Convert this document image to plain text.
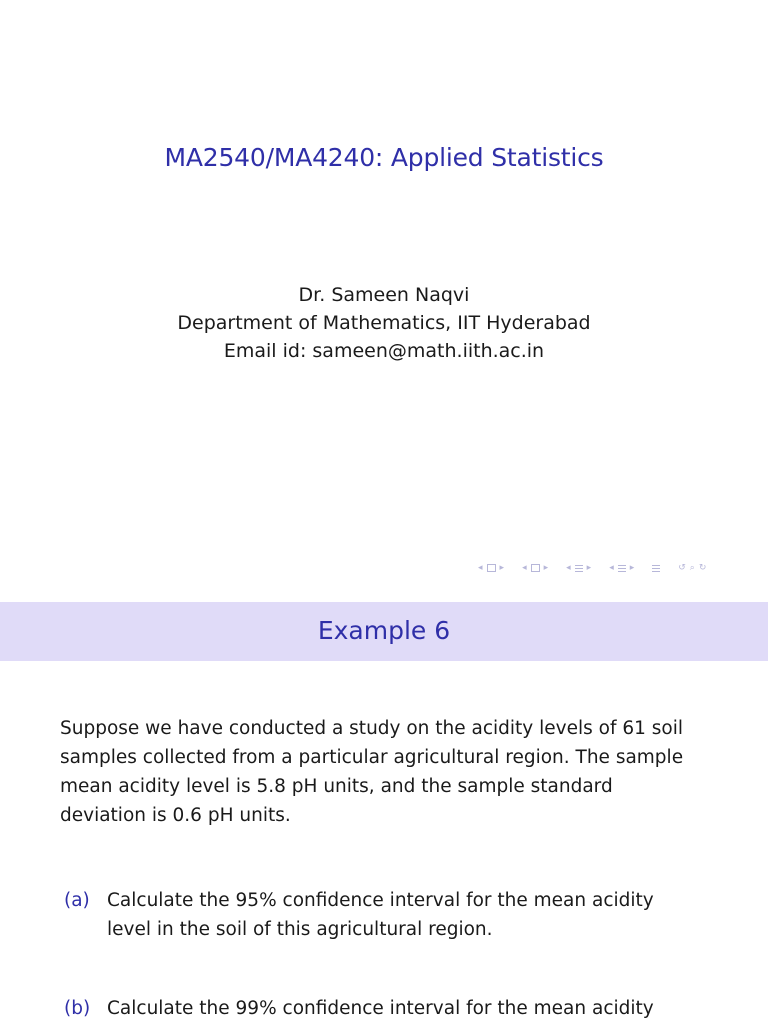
MA2540/MA4240: Applied Statistics
Dr. Sameen Naqvi
Department of Mathematics, IIT Hyderabad
Email id: sameen@math.iith.ac.in
◂ ▸ ◂ ▸ ◂ ▸ ◂ ▸	↺ ⌕ ↻
Example 6
Suppose we have conducted a study on the acidity levels of 61 soil
samples collected from a particular agricultural region. The sample
mean acidity level is 5.8 pH units, and the sample standard
deviation is 0.6 pH units.
(a) Calculate the 95% confidence interval for the mean acidity
level in the soil of this agricultural region.
(b) Calculate the 99% confidence interval for the mean acidity
